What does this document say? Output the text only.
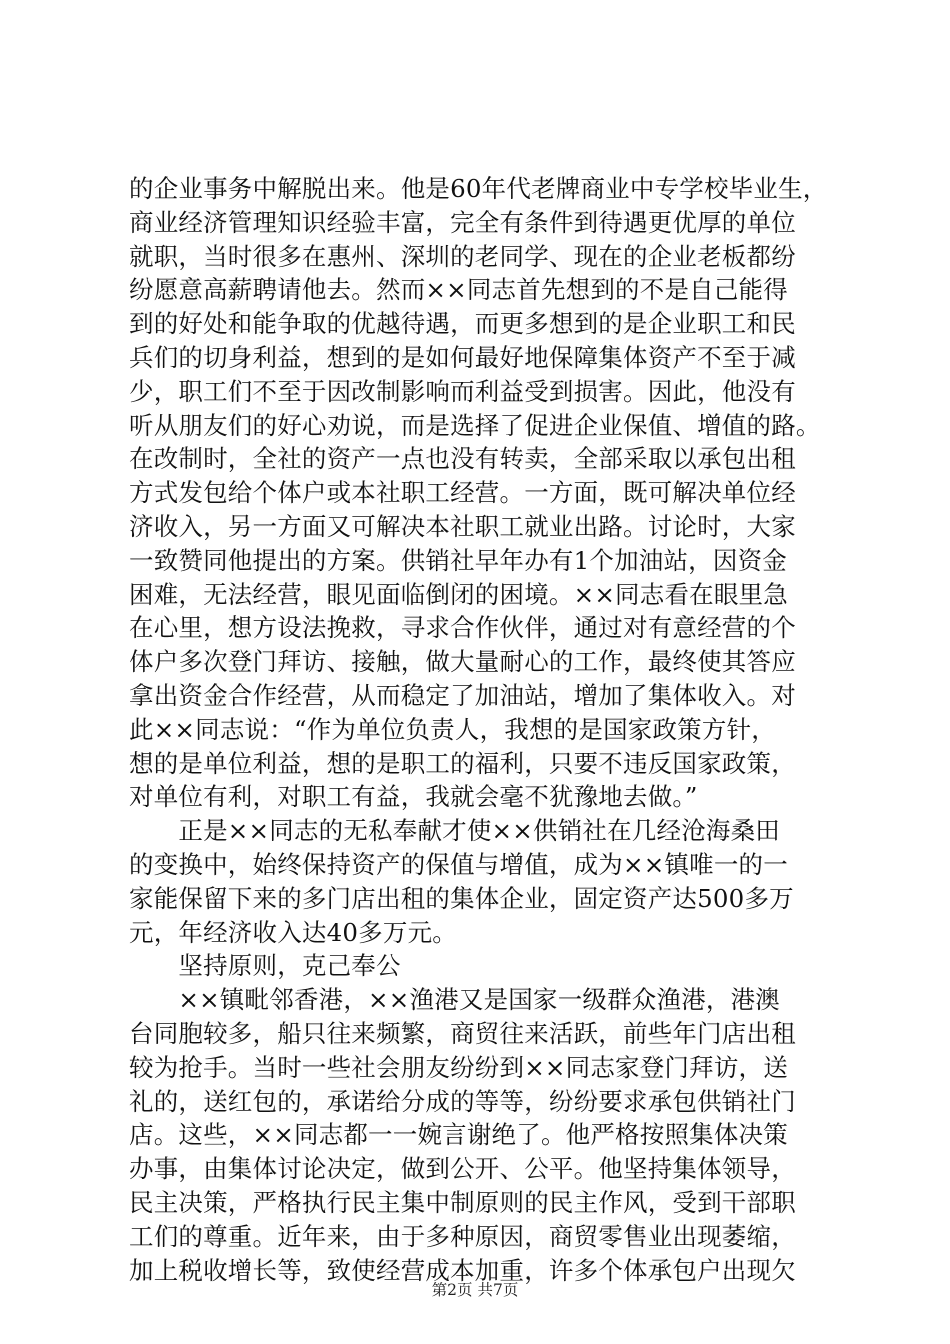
的企业事务中解脱出来。他是60年代老牌商业中专学校毕业生，
商业经济管理知识经验丰富，完全有条件到待遇更优厚的单位
就职，当时很多在惠州、深圳的老同学、现在的企业老板都纷
纷愿意高薪聘请他去。然而××同志首先想到的不是自己能得
到的好处和能争取的优越待遇，而更多想到的是企业职工和民
兵们的切身利益，想到的是如何最好地保障集体资产不至于减
少，职工们不至于因改制影响而利益受到损害。因此，他没有
听从朋友们的好心劝说，而是选择了促进企业保值、增值的路。
在改制时，全社的资产一点也没有转卖，全部采取以承包出租
方式发包给个体户或本社职工经营。一方面，既可解决单位经
济收入，另一方面又可解决本社职工就业出路。讨论时，大家
一致赞同他提出的方案。供销社早年办有1个加油站，因资金
困难，无法经营，眼见面临倒闭的困境。××同志看在眼里急
在心里，想方设法挽救，寻求合作伙伴，通过对有意经营的个
体户多次登门拜访、接触，做大量耐心的工作，最终使其答应
拿出资金合作经营，从而稳定了加油站，增加了集体收入。对
此××同志说：“作为单位负责人，我想的是国家政策方针，
想的是单位利益，想的是职工的福利，只要不违反国家政策，
对单位有利，对职工有益，我就会毫不犹豫地去做。”
　　正是××同志的无私奉献才使××供销社在几经沧海桑田
的变换中，始终保持资产的保值与增值，成为××镇唯一的一
家能保留下来的多门店出租的集体企业，固定资产达500多万
元，年经济收入达40多万元。
　　坚持原则，克己奉公
　　××镇毗邻香港，××渔港又是国家一级群众渔港，港澳
台同胞较多，船只往来频繁，商贸往来活跃，前些年门店出租
较为抢手。当时一些社会朋友纷纷到××同志家登门拜访，送
礼的，送红包的，承诺给分成的等等，纷纷要求承包供销社门
店。这些，××同志都一一婉言谢绝了。他严格按照集体决策
办事，由集体讨论决定，做到公开、公平。他坚持集体领导，
民主决策，严格执行民主集中制原则的民主作风，受到干部职
工们的尊重。近年来，由于多种原因，商贸零售业出现萎缩，
加上税收增长等，致使经营成本加重，许多个体承包户出现欠
第2页 共7页
